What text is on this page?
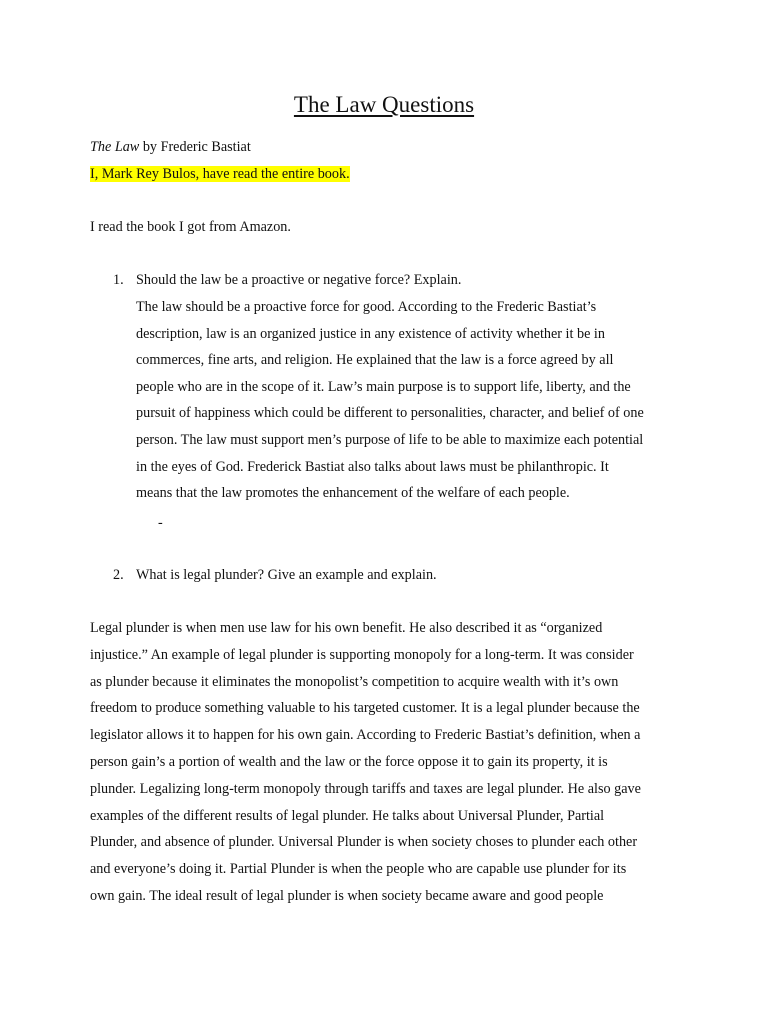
The Law Questions
The Law by Frederic Bastiat
I, Mark Rey Bulos, have read the entire book.
I read the book I got from Amazon.
1. Should the law be a proactive or negative force? Explain.
The law should be a proactive force for good. According to the Frederic Bastiat’s
description, law is an organized justice in any existence of activity whether it be in
commerces, fine arts, and religion. He explained that the law is a force agreed by all
people who are in the scope of it. Law’s main purpose is to support life, liberty, and the
pursuit of happiness which could be different to personalities, character, and belief of one
person. The law must support men’s purpose of life to be able to maximize each potential
in the eyes of God. Frederick Bastiat also talks about laws must be philanthropic. It
means that the law promotes the enhancement of the welfare of each people.
-
2. What is legal plunder? Give an example and explain.
Legal plunder is when men use law for his own benefit. He also described it as “organized
injustice.” An example of legal plunder is supporting monopoly for a long-term. It was consider
as plunder because it eliminates the monopolist’s competition to acquire wealth with it’s own
freedom to produce something valuable to his targeted customer. It is a legal plunder because the
legislator allows it to happen for his own gain. According to Frederic Bastiat’s definition, when a
person gain’s a portion of wealth and the law or the force oppose it to gain its property, it is
plunder. Legalizing long-term monopoly through tariffs and taxes are legal plunder. He also gave
examples of the different results of legal plunder. He talks about Universal Plunder, Partial
Plunder, and absence of plunder. Universal Plunder is when society choses to plunder each other
and everyone’s doing it. Partial Plunder is when the people who are capable use plunder for its
own gain. The ideal result of legal plunder is when society became aware and good people
